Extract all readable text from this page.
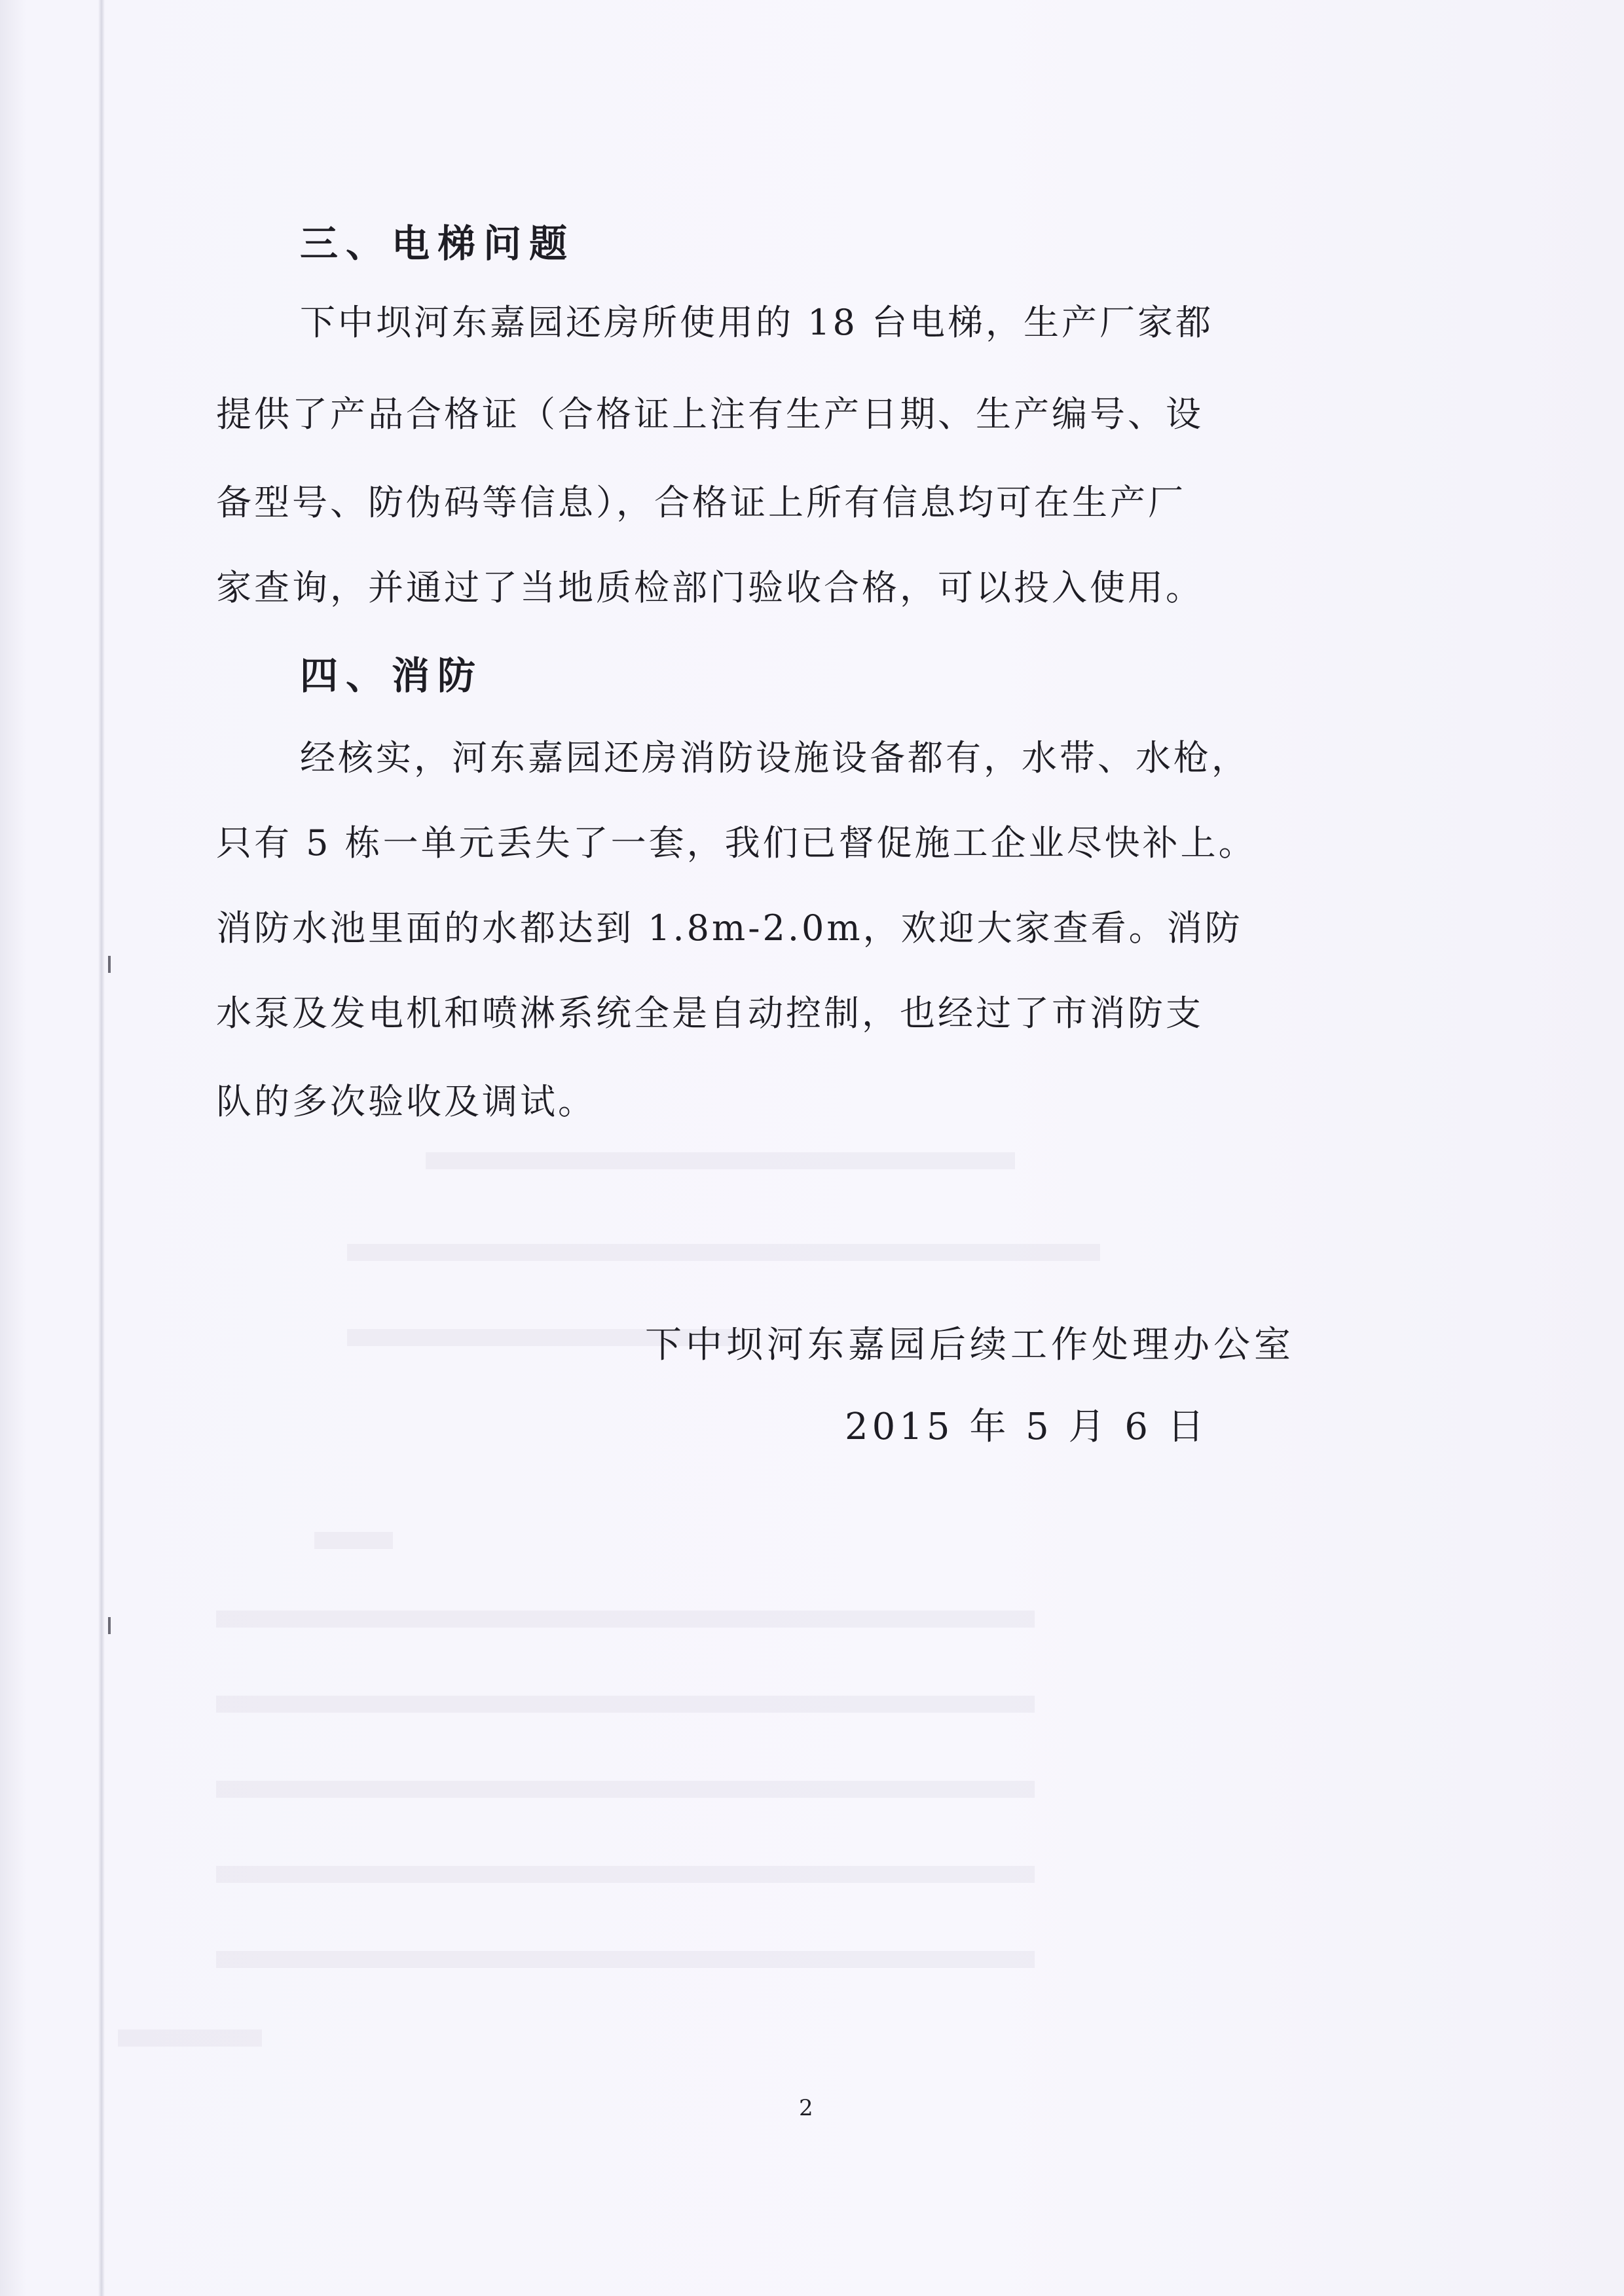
三、电梯问题
下中坝河东嘉园还房所使用的 18 台电梯，生产厂家都
提供了产品合格证（合格证上注有生产日期、生产编号、设
备型号、防伪码等信息），合格证上所有信息均可在生产厂
家查询，并通过了当地质检部门验收合格，可以投入使用。
四、消防
经核实，河东嘉园还房消防设施设备都有，水带、水枪，
只有 5 栋一单元丢失了一套，我们已督促施工企业尽快补上。
消防水池里面的水都达到 1.8m-2.0m，欢迎大家查看。消防
水泵及发电机和喷淋系统全是自动控制，也经过了市消防支
队的多次验收及调试。
下中坝河东嘉园后续工作处理办公室
2015 年 5 月 6 日
2
